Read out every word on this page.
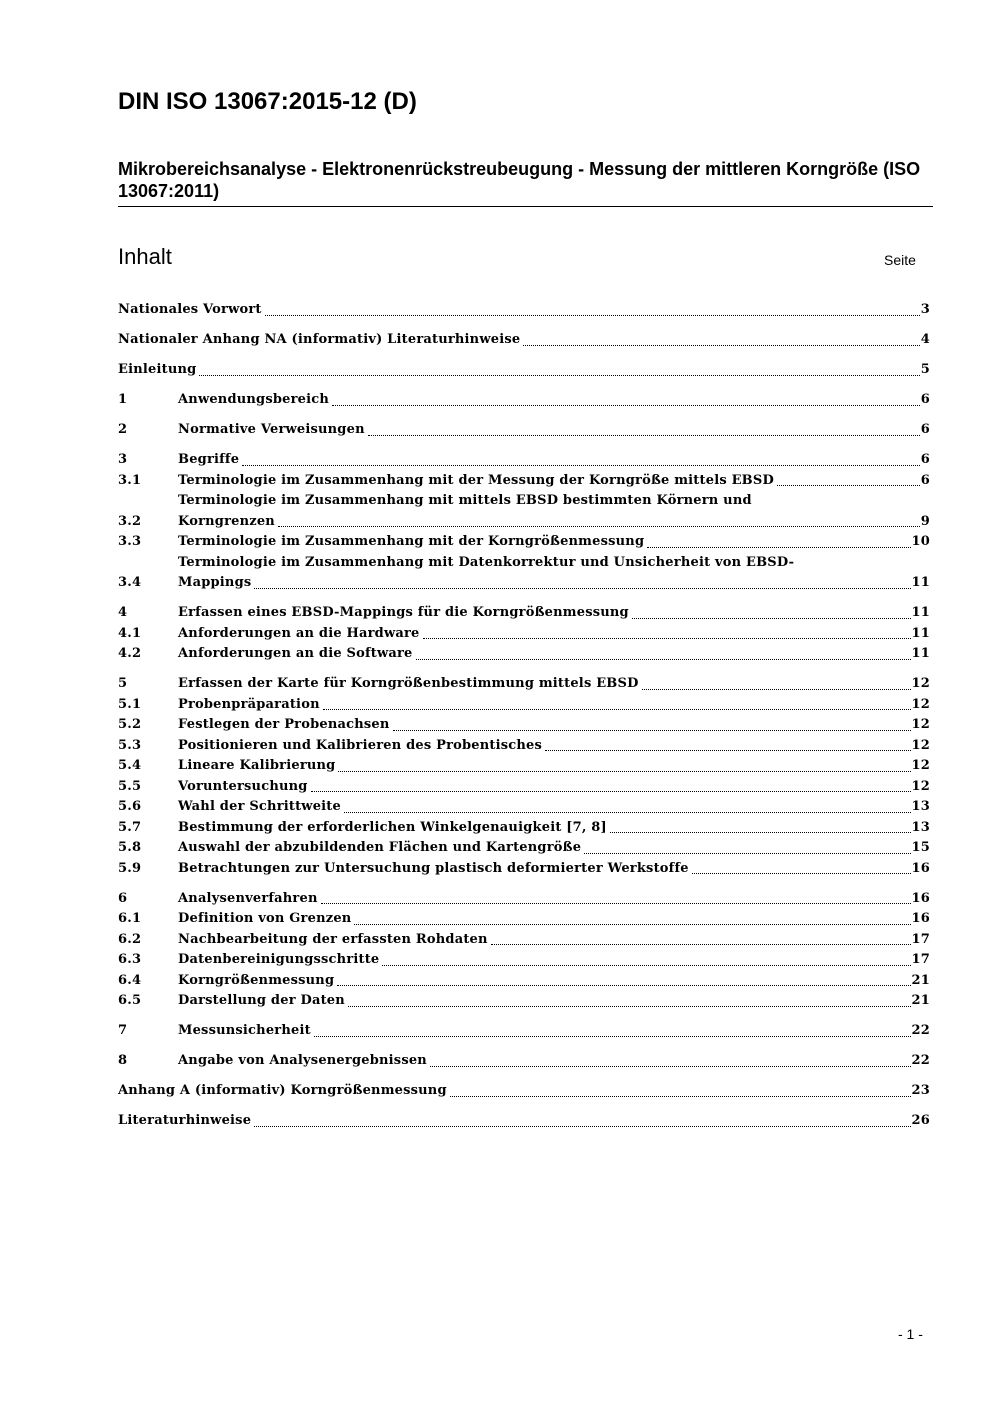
DIN ISO 13067:2015-12 (D)
Mikrobereichsanalyse - Elektronenrückstreubeugung - Messung der mittleren Korngröße (ISO 13067:2011)
Inhalt	Seite
Nationales Vorwort	3
Nationaler Anhang NA (informativ) Literaturhinweise	4
Einleitung	5
1	Anwendungsbereich	6
2	Normative Verweisungen	6
3	Begriffe	6
3.1	Terminologie im Zusammenhang mit der Messung der Korngröße mittels EBSD	6
3.2
Terminologie im Zusammenhang mit mittels EBSD bestimmten Körnern und
Korngrenzen	9
3.3	Terminologie im Zusammenhang mit der Korngrößenmessung	10
3.4
Terminologie im Zusammenhang mit Datenkorrektur und Unsicherheit von EBSD-
Mappings	11
4	Erfassen eines EBSD-Mappings für die Korngrößenmessung	11
4.1	Anforderungen an die Hardware	11
4.2	Anforderungen an die Software	11
5	Erfassen der Karte für Korngrößenbestimmung mittels EBSD	12
5.1	Probenpräparation	12
5.2	Festlegen der Probenachsen	12
5.3	Positionieren und Kalibrieren des Probentisches	12
5.4	Lineare Kalibrierung	12
5.5	Voruntersuchung	12
5.6	Wahl der Schrittweite	13
5.7	Bestimmung der erforderlichen Winkelgenauigkeit [7, 8]	13
5.8	Auswahl der abzubildenden Flächen und Kartengröße	15
5.9	Betrachtungen zur Untersuchung plastisch deformierter Werkstoffe	16
6	Analysenverfahren	16
6.1	Definition von Grenzen	16
6.2	Nachbearbeitung der erfassten Rohdaten	17
6.3	Datenbereinigungsschritte	17
6.4	Korngrößenmessung	21
6.5	Darstellung der Daten	21
7	Messunsicherheit	22
8	Angabe von Analysenergebnissen	22
Anhang A (informativ) Korngrößenmessung	23
Literaturhinweise	26
- 1 -
